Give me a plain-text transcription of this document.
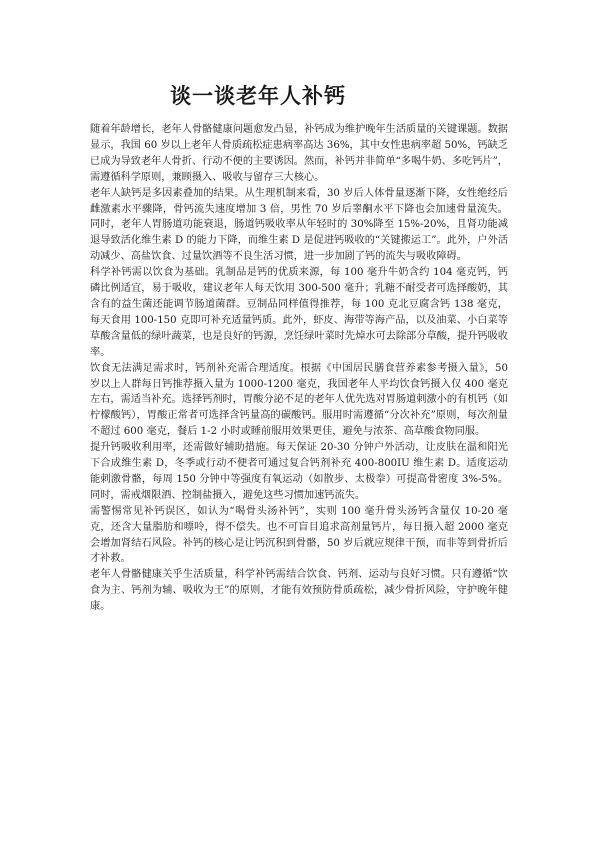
谈一谈老年人补钙

随着年龄增长，老年人骨骼健康问题愈发凸显，补钙成为维护晚年生活质量的关键课题。数据显示，我国 60 岁以上老年人骨质疏松症患病率高达 36%，其中女性患病率超 50%，钙缺乏已成为导致老年人骨折、行动不便的主要诱因。然而，补钙并非简单“多喝牛奶、多吃钙片”，需遵循科学原则，兼顾摄入、吸收与留存三大核心。

老年人缺钙是多因素叠加的结果。从生理机制来看，30 岁后人体骨量逐渐下降，女性绝经后雌激素水平骤降，骨钙流失速度增加 3 倍，男性 70 岁后睾酮水平下降也会加速骨量流失。同时，老年人胃肠道功能衰退，肠道钙吸收率从年轻时的 30%降至 15%-20%，且肾功能减退导致活化维生素 D 的能力下降，而维生素 D 是促进钙吸收的“关键搬运工”。此外，户外活动减少、高盐饮食、过量饮酒等不良生活习惯，进一步加剧了钙的流失与吸收障碍。

科学补钙需以饮食为基础。乳制品是钙的优质来源，每 100 毫升牛奶含约 104 毫克钙，钙磷比例适宜，易于吸收，建议老年人每天饮用 300-500 毫升；乳糖不耐受者可选择酸奶，其含有的益生菌还能调节肠道菌群。豆制品同样值得推荐，每 100 克北豆腐含钙 138 毫克，每天食用 100-150 克即可补充适量钙质。此外，虾皮、海带等海产品，以及油菜、小白菜等草酸含量低的绿叶蔬菜，也是良好的钙源，烹饪绿叶菜时先焯水可去除部分草酸，提升钙吸收率。

饮食无法满足需求时，钙剂补充需合理适度。根据《中国居民膳食营养素参考摄入量》，50 岁以上人群每日钙推荐摄入量为 1000-1200 毫克，我国老年人平均饮食钙摄入仅 400 毫克左右，需适当补充。选择钙剂时，胃酸分泌不足的老年人优先选对胃肠道刺激小的有机钙（如柠檬酸钙），胃酸正常者可选择含钙量高的碳酸钙。服用时需遵循“分次补充”原则，每次剂量不超过 600 毫克，餐后 1-2 小时或睡前服用效果更佳，避免与浓茶、高草酸食物同服。

提升钙吸收利用率，还需做好辅助措施。每天保证 20-30 分钟户外活动，让皮肤在温和阳光下合成维生素 D，冬季或行动不便者可通过复合钙剂补充 400-800IU 维生素 D。适度运动能刺激骨骼，每周 150 分钟中等强度有氧运动（如散步、太极拳）可提高骨密度 3%-5%。同时，需戒烟限酒、控制盐摄入，避免这些习惯加速钙流失。

需警惕常见补钙误区，如认为“喝骨头汤补钙”，实则 100 毫升骨头汤钙含量仅 10-20 毫克，还含大量脂肪和嘌呤，得不偿失。也不可盲目追求高剂量钙片，每日摄入超 2000 毫克会增加肾结石风险。补钙的核心是让钙沉积到骨骼，50 岁后就应规律干预，而非等到骨折后才补救。

老年人骨骼健康关乎生活质量，科学补钙需结合饮食、钙剂、运动与良好习惯。只有遵循“饮食为主、钙剂为辅、吸收为王”的原则，才能有效预防骨质疏松，减少骨折风险，守护晚年健康。
